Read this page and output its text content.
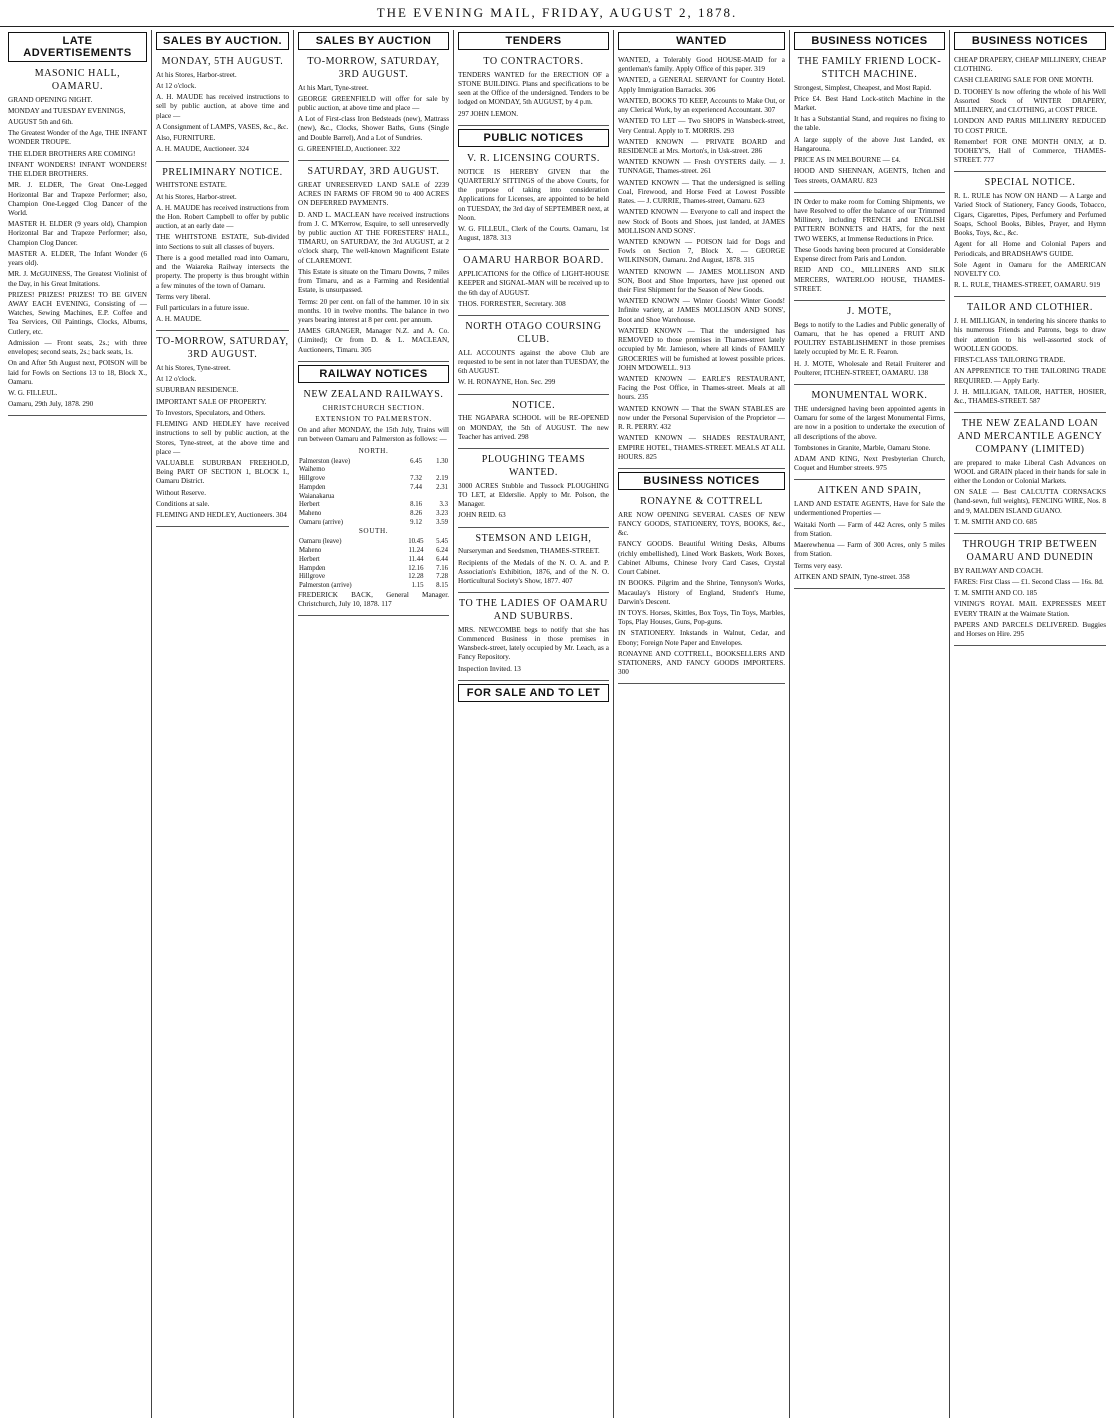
THE EVENING MAIL, FRIDAY, AUGUST 2, 1878.
LATE ADVERTISEMENTS

MASONIC HALL, OAMARU.

GRAND OPENING NIGHT.

MONDAY and TUESDAY EVENINGS,

AUGUST 5th and 6th.

The Greatest Wonder of the Age, THE INFANT WONDER TROUPE.

THE ELDER BROTHERS ARE COMING!

INFANT WONDERS! INFANT WONDERS! THE ELDER BROTHERS.

MR. J. ELDER, The Great One-Legged Horizontal Bar and Trapeze Performer; also, Champion One-Legged Clog Dancer of the World.

MASTER H. ELDER (9 years old), Champion Horizontal Bar and Trapeze Performer; also, Champion Clog Dancer.

MASTER A. ELDER, The Infant Wonder (6 years old).

MR. J. McGUINESS, The Greatest Violinist of the Day, in his Great Imitations.

PRIZES! PRIZES! PRIZES! TO BE GIVEN AWAY EACH EVENING, Consisting of — Watches, Sewing Machines, E.P. Coffee and Tea Services, Oil Paintings, Clocks, Albums, Cutlery, etc.

Admission — Front seats, 2s.; with three envelopes; second seats, 2s.; back seats, 1s.

On and After 5th August next, POISON will be laid for Fowls on Sections 13 to 18, Block X., Oamaru.

W. G. FILLEUL.

Oamaru, 29th July, 1878. 290

SALES BY AUCTION.

MONDAY, 5TH AUGUST.

At his Stores, Harbor-street.

At 12 o'clock.

A. H. MAUDE has received instructions to sell by public auction, at above time and place —

A Consignment of LAMPS, VASES, &c., &c.

Also, FURNITURE.

A. H. MAUDE, Auctioneer. 324

PRELIMINARY NOTICE.

WHITSTONE ESTATE.

At his Stores, Harbor-street.

A. H. MAUDE has received instructions from the Hon. Robert Campbell to offer by public auction, at an early date —

THE WHITSTONE ESTATE, Sub-divided into Sections to suit all classes of buyers.

There is a good metalled road into Oamaru, and the Waiareka Railway intersects the property. The property is thus brought within a few minutes of the town of Oamaru.

Terms very liberal.

Full particulars in a future issue.

A. H. MAUDE.

TO-MORROW, SATURDAY, 3RD AUGUST.

At his Stores, Tyne-street.

At 12 o'clock.

SUBURBAN RESIDENCE.

IMPORTANT SALE OF PROPERTY.

To Investors, Speculators, and Others.

FLEMING AND HEDLEY have received instructions to sell by public auction, at the Stores, Tyne-street, at the above time and place —

VALUABLE SUBURBAN FREEHOLD, Being PART OF SECTION 1, BLOCK I., Oamaru District.

Without Reserve.

Conditions at sale.

FLEMING AND HEDLEY, Auctioneers. 304

SALES BY AUCTION

TO-MORROW, SATURDAY, 3RD AUGUST.

At his Mart, Tyne-street.

GEORGE GREENFIELD will offer for sale by public auction, at above time and place —

A Lot of First-class Iron Bedsteads (new), Mattrass (new), &c., Clocks, Shower Baths, Guns (Single and Double Barrel), And a Lot of Sundries.

G. GREENFIELD, Auctioneer. 322

SATURDAY, 3RD AUGUST.

GREAT UNRESERVED LAND SALE of 2239 ACRES IN FARMS OF FROM 90 to 400 ACRES ON DEFERRED PAYMENTS.

D. AND L. MACLEAN have received instructions from J. C. M'Kerrow, Esquire, to sell unreservedly by public auction AT THE FORESTERS' HALL, TIMARU, on SATURDAY, the 3rd AUGUST, at 2 o'clock sharp, The well-known Magnificent Estate of CLAREMONT.

This Estate is situate on the Timaru Downs, 7 miles from Timaru, and as a Farming and Residential Estate, is unsurpassed.

Terms: 20 per cent. on fall of the hammer. 10 in six months. 10 in twelve months. The balance in two years bearing interest at 8 per cent. per annum.

JAMES GRANGER, Manager N.Z. and A. Co. (Limited); Or from D. & L. MACLEAN, Auctioneers, Timaru. 305

RAILWAY NOTICES

NEW ZEALAND RAILWAYS.

CHRISTCHURCH SECTION.

EXTENSION TO PALMERSTON.

On and after MONDAY, the 15th July, Trains will run between Oamaru and Palmerston as follows: —

NORTH.

Palmerston (leave)	6.45	1.30
Waihemo		
Hillgrove	7.32	2.19
Hampden	7.44	2.31
Waianakarua		
Herbert	8.16	3.3
Maheno	8.26	3.23
Oamaru (arrive)	9.12	3.59

SOUTH.

Oamaru (leave)	10.45	5.45
Maheno	11.24	6.24
Herbert	11.44	6.44
Hampden	12.16	7.16
Hillgrove	12.28	7.28
Palmerston (arrive)	1.15	8.15

FREDERICK BACK, General Manager. Christchurch, July 10, 1878. 117

TENDERS

TO CONTRACTORS.

TENDERS WANTED for the ERECTION OF a STONE BUILDING. Plans and specifications to be seen at the Office of the undersigned. Tenders to be lodged on MONDAY, 5th AUGUST, by 4 p.m.

297 JOHN LEMON.

PUBLIC NOTICES

V. R. LICENSING COURTS.

NOTICE IS HEREBY GIVEN that the QUARTERLY SITTINGS of the above Courts, for the purpose of taking into consideration Applications for Licenses, are appointed to be held on TUESDAY, the 3rd day of SEPTEMBER next, at Noon.

W. G. FILLEUL, Clerk of the Courts. Oamaru, 1st August, 1878. 313

OAMARU HARBOR BOARD.

APPLICATIONS for the Office of LIGHT-HOUSE KEEPER and SIGNAL-MAN will be received up to the 6th day of AUGUST.

THOS. FORRESTER, Secretary. 308

NORTH OTAGO COURSING CLUB.

ALL ACCOUNTS against the above Club are requested to be sent in not later than TUESDAY, the 6th AUGUST.

W. H. RONAYNE, Hon. Sec. 299

NOTICE.

THE NGAPARA SCHOOL will be RE-OPENED on MONDAY, the 5th of AUGUST. The new Teacher has arrived. 298

PLOUGHING TEAMS WANTED.

3000 ACRES Stubble and Tussock PLOUGHING TO LET, at Elderslie. Apply to Mr. Polson, the Manager.

JOHN REID. 63

STEMSON AND LEIGH,

Nurseryman and Seedsmen, THAMES-STREET.

Recipients of the Medals of the N. O. A. and P. Association's Exhibition, 1876, and of the N. O. Horticultural Society's Show, 1877. 407

TO THE LADIES OF OAMARU AND SUBURBS.

MRS. NEWCOMBE begs to notify that she has Commenced Business in those premises in Wansbeck-street, lately occupied by Mr. Leach, as a Fancy Repository.

Inspection Invited. 13

FOR SALE AND TO LET
WANTED

WANTED, a Tolerably Good HOUSE-MAID for a gentleman's family. Apply Office of this paper. 319

WANTED, a GENERAL SERVANT for Country Hotel. Apply Immigration Barracks. 306

WANTED, BOOKS TO KEEP, Accounts to Make Out, or any Clerical Work, by an experienced Accountant. 307

WANTED TO LET — Two SHOPS in Wansbeck-street, Very Central. Apply to T. MORRIS. 293

WANTED KNOWN — PRIVATE BOARD and RESIDENCE at Mrs. Morton's, in Usk-street. 286

WANTED KNOWN — Fresh OYSTERS daily. — J. TUNNAGE, Thames-street. 261

WANTED KNOWN — That the undersigned is selling Coal, Firewood, and Horse Feed at Lowest Possible Rates. — J. CURRIE, Thames-street, Oamaru. 623

WANTED KNOWN — Everyone to call and inspect the new Stock of Boots and Shoes, just landed, at JAMES MOLLISON AND SONS'.

WANTED KNOWN — POISON laid for Dogs and Fowls on Section 7, Block X. — GEORGE WILKINSON, Oamaru. 2nd August, 1878. 315

WANTED KNOWN — JAMES MOLLISON AND SON, Boot and Shoe Importers, have just opened out their First Shipment for the Season of New Goods.

WANTED KNOWN — Winter Goods! Winter Goods! Infinite variety, at JAMES MOLLISON AND SONS', Boot and Shoe Warehouse.

WANTED KNOWN — That the undersigned has REMOVED to those premises in Thames-street lately occupied by Mr. Jamieson, where all kinds of FAMILY GROCERIES will be furnished at lowest possible prices. JOHN M'DOWELL. 913

WANTED KNOWN — EARLE'S RESTAURANT, Facing the Post Office, in Thames-street. Meals at all hours. 235

WANTED KNOWN — That the SWAN STABLES are now under the Personal Supervision of the Proprietor — R. R. PERRY. 432

WANTED KNOWN — SHADES RESTAURANT, EMPIRE HOTEL, THAMES-STREET. MEALS AT ALL HOURS. 825

BUSINESS NOTICES

RONAYNE & COTTRELL

ARE NOW OPENING SEVERAL CASES OF NEW FANCY GOODS, STATIONERY, TOYS, BOOKS, &c., &c.

FANCY GOODS. Beautiful Writing Desks, Albums (richly embellished), Lined Work Baskets, Work Boxes, Cabinet Albums, Chinese Ivory Card Cases, Crystal Court Cabinet.

IN BOOKS. Pilgrim and the Shrine, Tennyson's Works, Macaulay's History of England, Student's Hume, Darwin's Descent.

IN TOYS. Horses, Skittles, Box Toys, Tin Toys, Marbles, Tops, Play Houses, Guns, Pop-guns.

IN STATIONERY. Inkstands in Walnut, Cedar, and Ebony; Foreign Note Paper and Envelopes.

RONAYNE AND COTTRELL, BOOKSELLERS AND STATIONERS, AND FANCY GOODS IMPORTERS. 300

BUSINESS NOTICES

THE FAMILY FRIEND LOCK-STITCH MACHINE.

Strongest, Simplest, Cheapest, and Most Rapid.

Price £4. Best Hand Lock-stitch Machine in the Market.

It has a Substantial Stand, and requires no fixing to the table.

A large supply of the above Just Landed, ex Hangarouna.

PRICE AS IN MELBOURNE — £4.

HOOD AND SHENNAN, AGENTS, Itchen and Tees streets, OAMARU. 823

IN Order to make room for Coming Shipments, we have Resolved to offer the balance of our Trimmed Millinery, including FRENCH and ENGLISH PATTERN BONNETS and HATS, for the next TWO WEEKS, at Immense Reductions in Price.

These Goods having been procured at Considerable Expense direct from Paris and London.

REID AND CO., MILLINERS AND SILK MERCERS, WATERLOO HOUSE, THAMES-STREET.

J. MOTE,

Begs to notify to the Ladies and Public generally of Oamaru, that he has opened a FRUIT AND POULTRY ESTABLISHMENT in those premises lately occupied by Mr. E. R. Fearon.

H. J. MOTE, Wholesale and Retail Fruiterer and Poulterer, ITCHEN-STREET, OAMARU. 138

MONUMENTAL WORK.

THE undersigned having been appointed agents in Oamaru for some of the largest Monumental Firms, are now in a position to undertake the execution of all descriptions of the above.

Tombstones in Granite, Marble, Oamaru Stone.

ADAM AND KING, Next Presbyterian Church, Coquet and Humber streets. 975

AITKEN AND SPAIN,

LAND AND ESTATE AGENTS, Have for Sale the undermentioned Properties —

Waitaki North — Farm of 442 Acres, only 5 miles from Station.

Maerewhenua — Farm of 300 Acres, only 5 miles from Station.

Terms very easy.

AITKEN AND SPAIN, Tyne-street. 358

BUSINESS NOTICES

CHEAP DRAPERY, CHEAP MILLINERY, CHEAP CLOTHING.

CASH CLEARING SALE FOR ONE MONTH.

D. TOOHEY Is now offering the whole of his Well Assorted Stock of WINTER DRAPERY, MILLINERY, and CLOTHING, at COST PRICE.

LONDON AND PARIS MILLINERY REDUCED TO COST PRICE.

Remember! FOR ONE MONTH ONLY, at D. TOOHEY'S, Hall of Commerce, THAMES-STREET. 777

SPECIAL NOTICE.

R. L. RULE has NOW ON HAND — A Large and Varied Stock of Stationery, Fancy Goods, Tobacco, Cigars, Cigarettes, Pipes, Perfumery and Perfumed Soaps, School Books, Bibles, Prayer, and Hymn Books, Toys, &c., &c.

Agent for all Home and Colonial Papers and Periodicals, and BRADSHAW'S GUIDE.

Sole Agent in Oamaru for the AMERICAN NOVELTY CO.

R. L. RULE, THAMES-STREET, OAMARU. 919

TAILOR AND CLOTHIER.

J. H. MILLIGAN, in tendering his sincere thanks to his numerous Friends and Patrons, begs to draw their attention to his well-assorted stock of WOOLLEN GOODS.

FIRST-CLASS TAILORING TRADE.

AN APPRENTICE TO THE TAILORING TRADE REQUIRED. — Apply Early.

J. H. MILLIGAN, TAILOR, HATTER, HOSIER, &c., THAMES-STREET. 587

THE NEW ZEALAND LOAN AND MERCANTILE AGENCY COMPANY (LIMITED)

are prepared to make Liberal Cash Advances on WOOL and GRAIN placed in their hands for sale in either the London or Colonial Markets.

ON SALE — Best CALCUTTA CORNSACKS (hand-sewn, full weights), FENCING WIRE, Nos. 8 and 9, MALDEN ISLAND GUANO.

T. M. SMITH AND CO. 685

THROUGH TRIP BETWEEN OAMARU AND DUNEDIN

BY RAILWAY AND COACH.

FARES: First Class — £1. Second Class — 16s. 8d.

T. M. SMITH AND CO. 185

VINING'S ROYAL MAIL EXPRESSES MEET EVERY TRAIN at the Waimate Station.

PAPERS AND PARCELS DELIVERED. Buggies and Horses on Hire. 295
